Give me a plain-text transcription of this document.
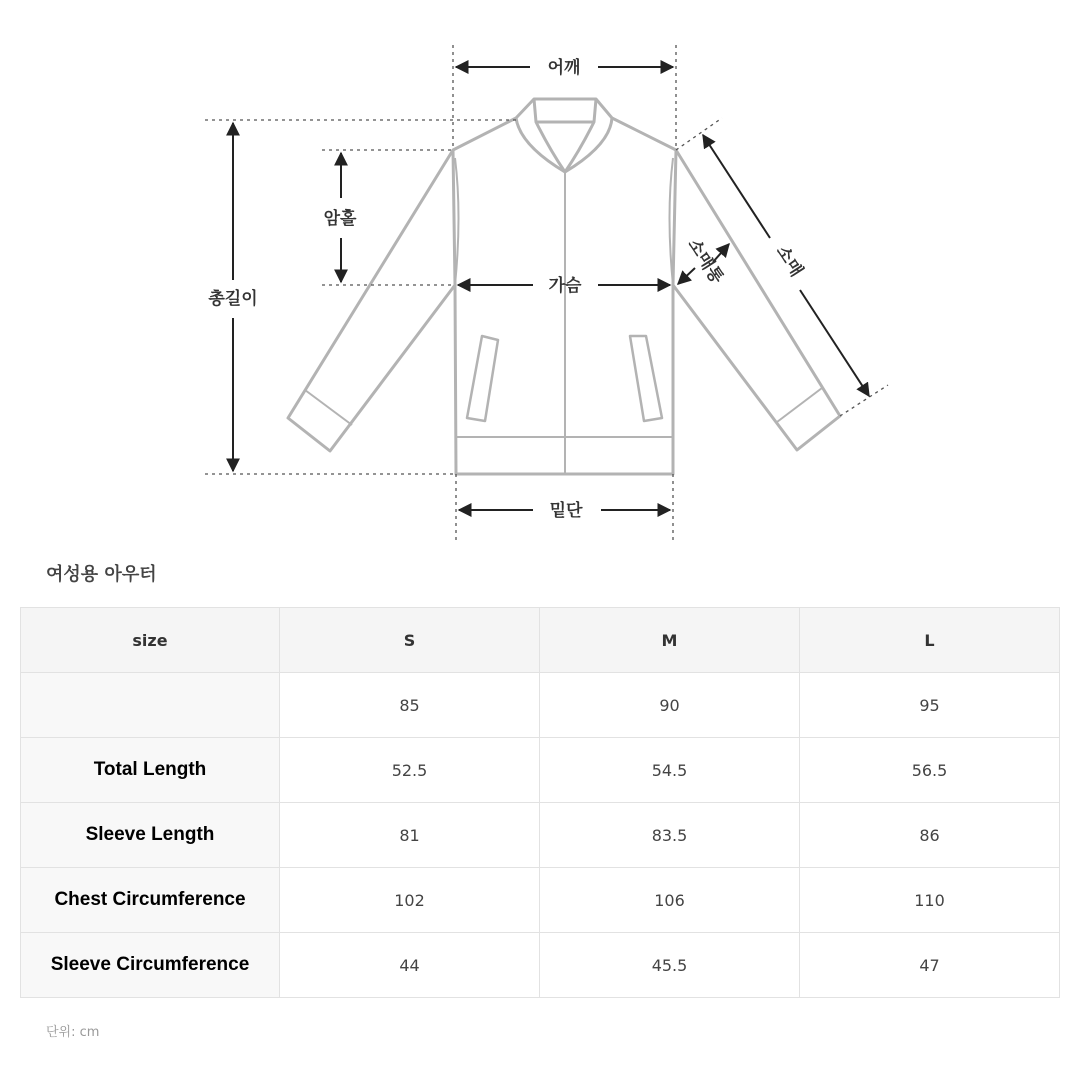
어깨
암홀
총길이
가슴
밑단
소매
소매통
여성용 아우터
size	S	M	L
	85	90	95
Total Length	52.5	54.5	56.5
Sleeve Length	81	83.5	86
Chest Circumference	102	106	110
Sleeve Circumference	44	45.5	47

단위: cm
